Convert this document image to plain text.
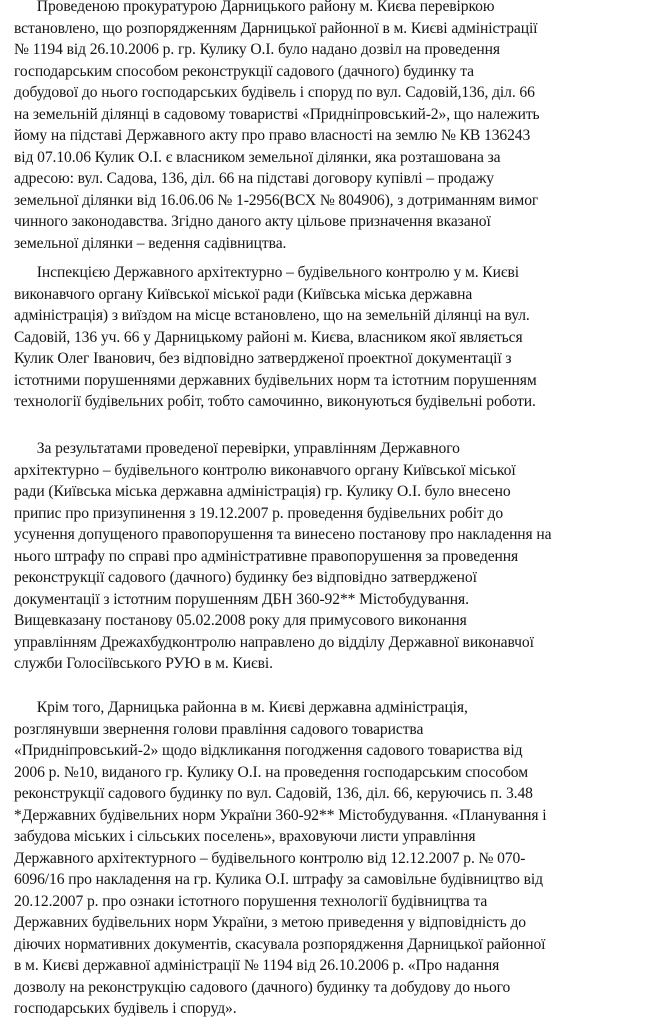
Проведеною прокуратурою Дарницького району м. Києва перевіркою
встановлено, що розпорядженням Дарницької районної в м. Києві адміністрації
№ 1194 від 26.10.2006 р. гр. Кулику О.І. було надано дозвіл на проведення
господарським способом реконструкції садового (дачного) будинку та
добудової до нього господарських будівель і споруд по вул. Садовій,136, діл. 66
на земельній ділянці в садовому товаристві «Придніпровський-2», що належить
йому на підставі Державного акту про право власності на землю № КВ 136243
від 07.10.06 Кулик О.І. є власником земельної ділянки, яка розташована за
адресою: вул. Садова, 136, діл. 66 на підставі договору купівлі – продажу
земельної ділянки від 16.06.06 № 1-2956(ВСХ № 804906), з дотриманням вимог
чинного законодавства. Згідно даного акту цільове призначення вказаної
земельної ділянки – ведення садівництва.
Інспекцією Державного архітектурно – будівельного контролю у м. Києві
виконавчого органу Київської міської ради (Київська міська державна
адміністрація) з виїздом на місце встановлено, що на земельній ділянці на вул.
Садовій, 136 уч. 66 у Дарницькому районі м. Києва, власником якої являється
Кулик Олег Іванович, без відповідно затвердженої проектної документації з
істотними порушеннями державних будівельних норм та істотним порушенням
технології будівельних робіт, тобто самочинно, виконуються будівельні роботи.
За результатами проведеної перевірки, управлінням Державного
архітектурно – будівельного контролю виконавчого органу Київської міської
ради (Київська міська державна адміністрація) гр. Кулику О.І. було внесено
припис про призупинення з 19.12.2007 р. проведення будівельних робіт до
усунення допущеного правопорушення та винесено постанову про накладення на
нього штрафу по справі про адміністративне правопорушення за проведення
реконструкції садового (дачного) будинку без відповідно затвердженої
документації з істотним порушенням ДБН 360-92** Містобудування.
Вищевказану постанову 05.02.2008 року для примусового виконання
управлінням Дрежахбудконтролю направлено до відділу Державної виконавчої
служби Голосіївського РУЮ в м. Києві.
Крім того, Дарницька районна в м. Києві державна адміністрація,
розглянувши звернення голови правління садового товариства
«Придніпровський-2» щодо відкликання погодження садового товариства від
2006 р. №10, виданого гр. Кулику О.І. на проведення господарським способом
реконструкції садового будинку по вул. Садовій, 136, діл. 66, керуючись п. 3.48
*Державних будівельних норм України 360-92** Містобудування. «Планування і
забудова міських і сільських поселень», враховуючи листи управління
Державного архітектурного – будівельного контролю від 12.12.2007 р. № 070-
6096/16 про накладення на гр. Кулика О.І. штрафу за самовільне будівництво від
20.12.2007 р. про ознаки істотного порушення технології будівництва та
Державних будівельних норм України, з метою приведення у відповідність до
діючих нормативних документів, скасувала розпорядження Дарницької районної
в м. Києві державної адміністрації № 1194 від 26.10.2006 р. «Про надання
дозволу на реконструкцію садового (дачного) будинку та добудову до нього
господарських будівель і споруд».
